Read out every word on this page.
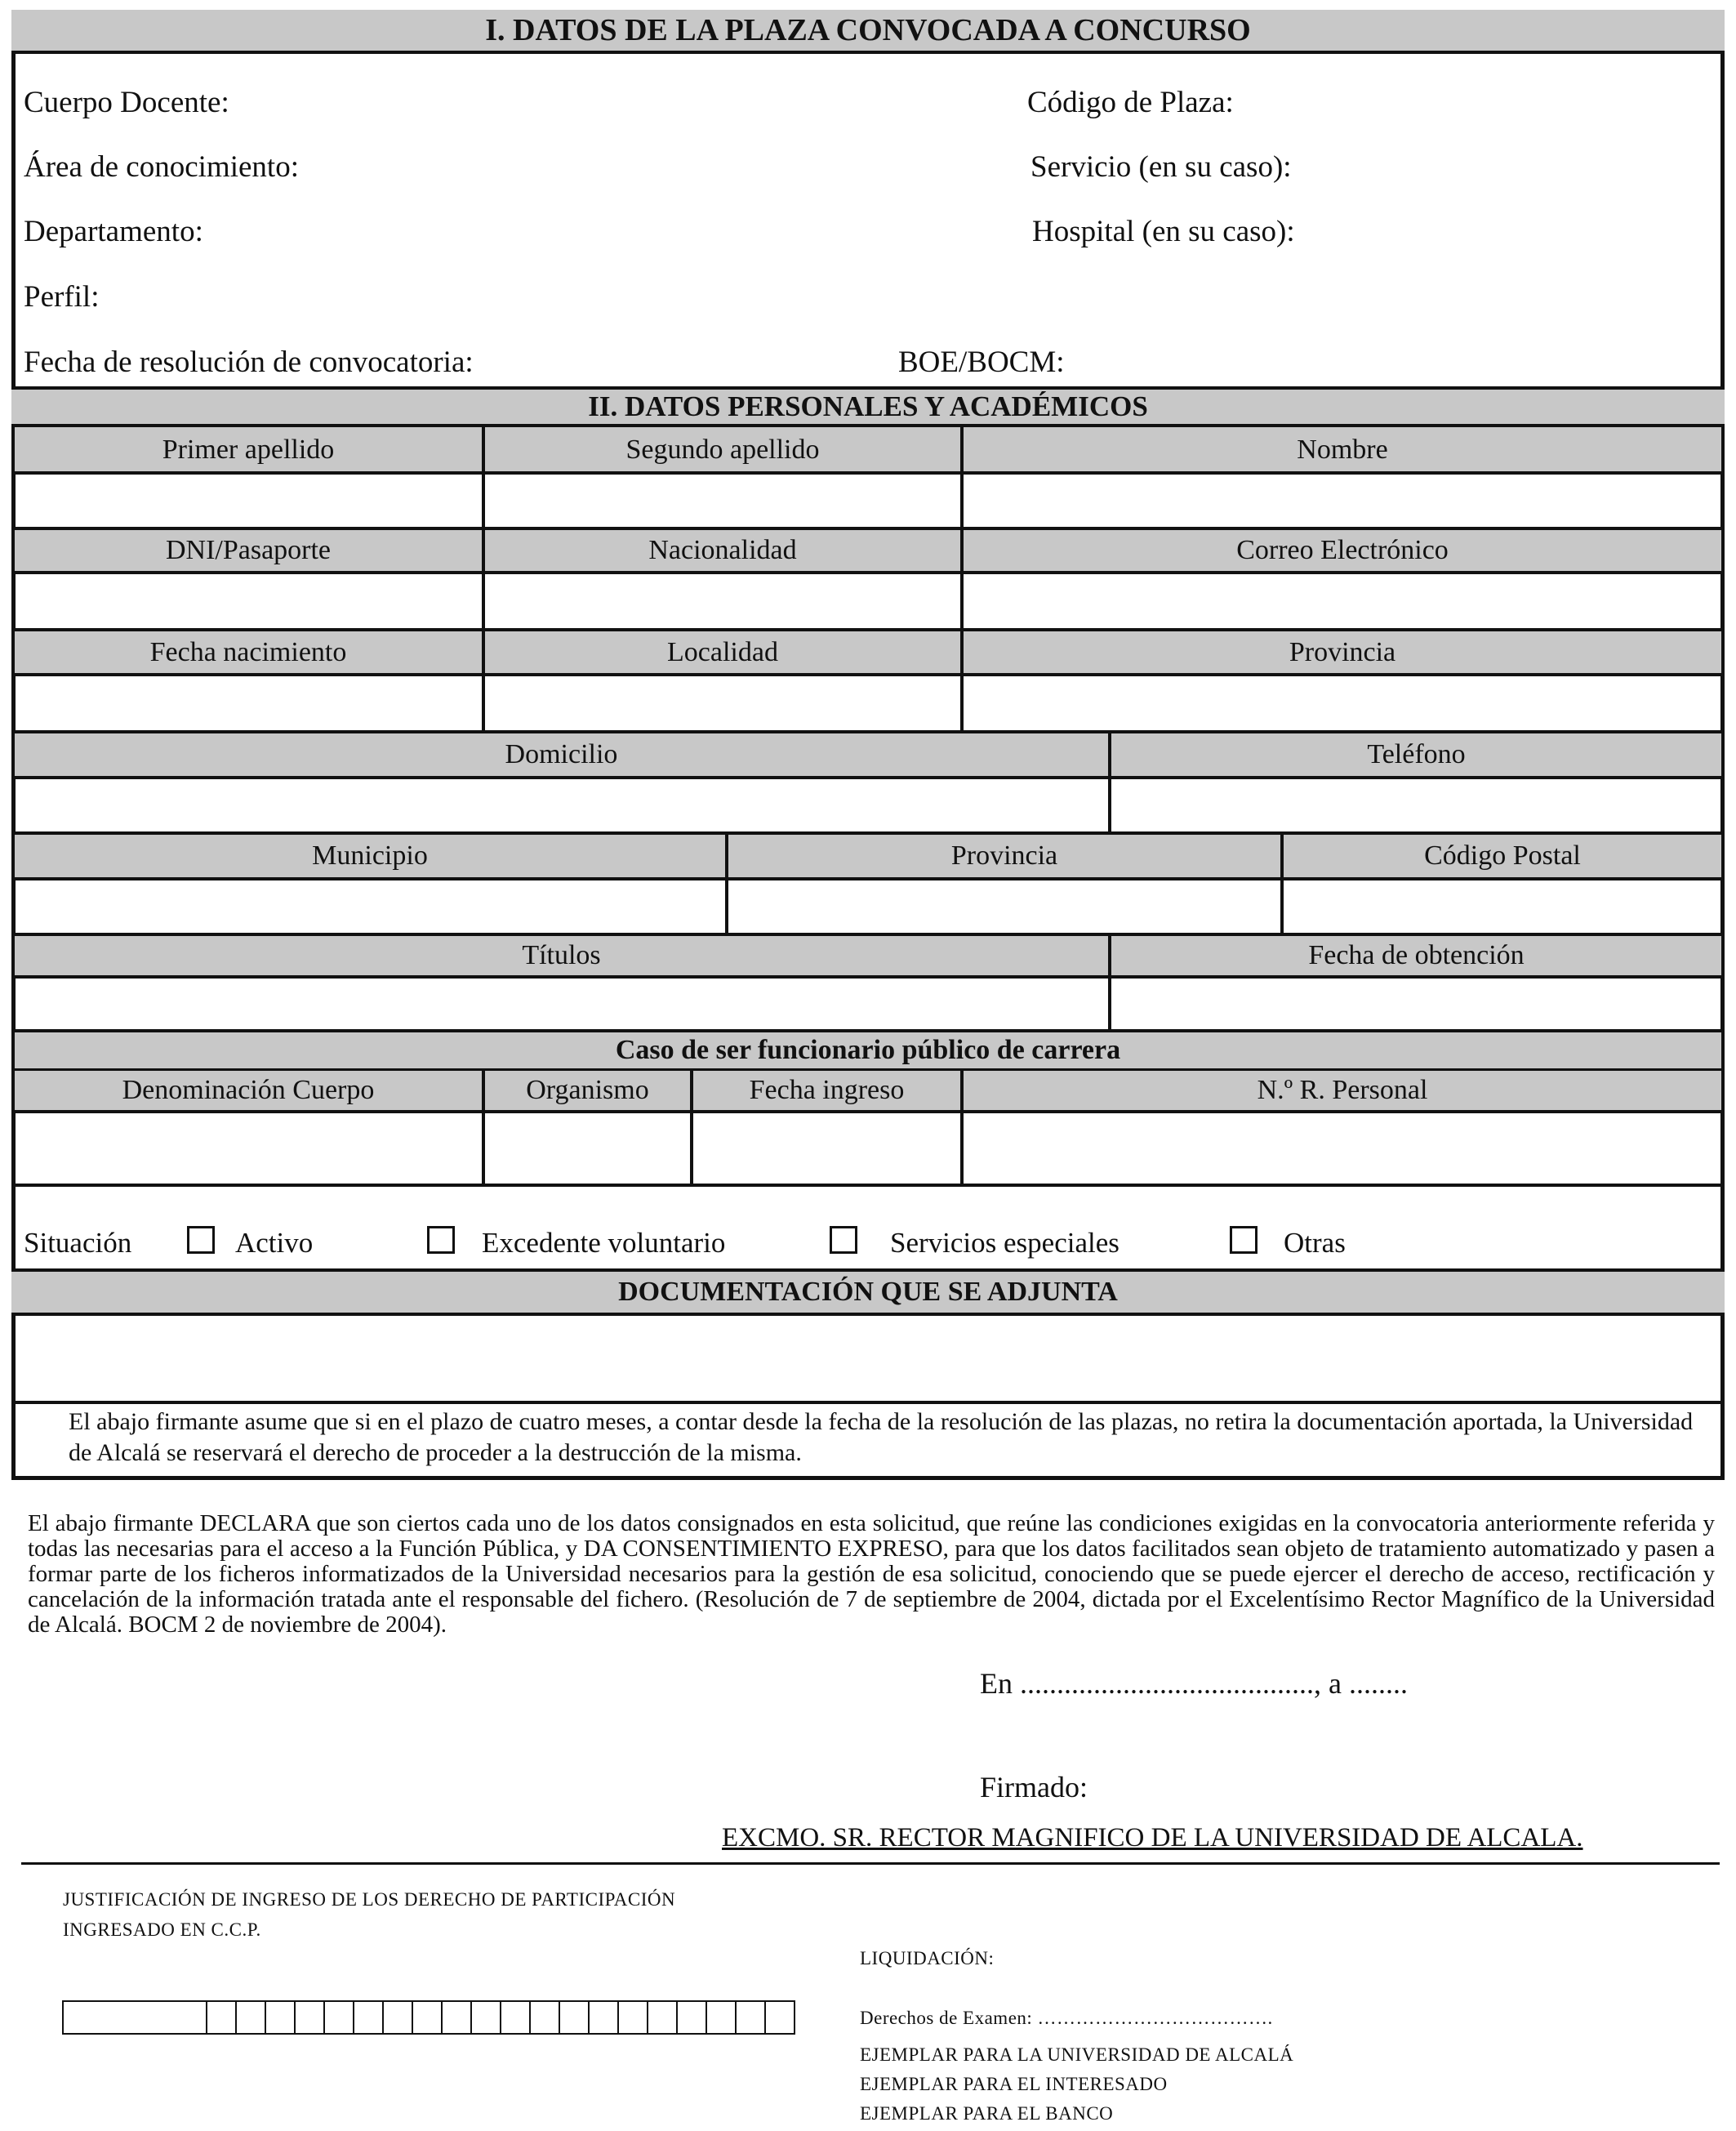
I. DATOS DE LA PLAZA CONVOCADA A CONCURSO
Cuerpo Docente:	Código de Plaza:
Área de conocimiento:	Servicio (en su caso):
Departamento:	Hospital (en su caso):
Perfil:
Fecha de resolución de convocatoria:	BOE/BOCM:
II. DATOS PERSONALES Y ACADÉMICOS
Primer apellido	Segundo apellido	Nombre
DNI/Pasaporte	Nacionalidad	Correo Electrónico
Fecha nacimiento	Localidad	Provincia
Domicilio	Teléfono
Municipio	Provincia	Código Postal
Títulos	Fecha de obtención
Caso de ser funcionario público de carrera
Denominación Cuerpo	Organismo	Fecha ingreso	N.º R. Personal
Situación	Activo	Excedente voluntario	Servicios especiales	Otras
DOCUMENTACIÓN QUE SE ADJUNTA
El abajo firmante asume que si en el plazo de cuatro meses, a contar desde la fecha de la resolución de las plazas, no retira la documentación aportada, la Universidad de Alcalá se reservará el derecho de proceder a la destrucción de la misma.
El abajo firmante DECLARA que son ciertos cada uno de los datos consignados en esta solicitud, que reúne las condiciones exigidas en la convocatoria anteriormente referida y todas las necesarias para el acceso a la Función Pública, y DA CONSENTIMIENTO EXPRESO, para que los datos facilitados sean objeto de tratamiento automatizado y pasen a formar parte de los ficheros informatizados de la Universidad necesarios para la gestión de esa solicitud, conociendo que se puede ejercer el derecho de acceso, rectificación y cancelación de la información tratada ante el responsable del fichero. (Resolución de 7 de septiembre de 2004, dictada por el Excelentísimo Rector Magnífico de la Universidad de Alcalá. BOCM 2 de noviembre de 2004).
En ........................................, a ........
Firmado:
EXCMO. SR. RECTOR MAGNIFICO DE LA UNIVERSIDAD DE ALCALA.
JUSTIFICACIÓN DE INGRESO DE LOS DERECHO DE PARTICIPACIÓN
INGRESADO EN C.C.P.
LIQUIDACIÓN:
Derechos de Examen: ……………………………….
EJEMPLAR PARA LA UNIVERSIDAD DE ALCALÁ
EJEMPLAR PARA EL INTERESADO
EJEMPLAR PARA EL BANCO
